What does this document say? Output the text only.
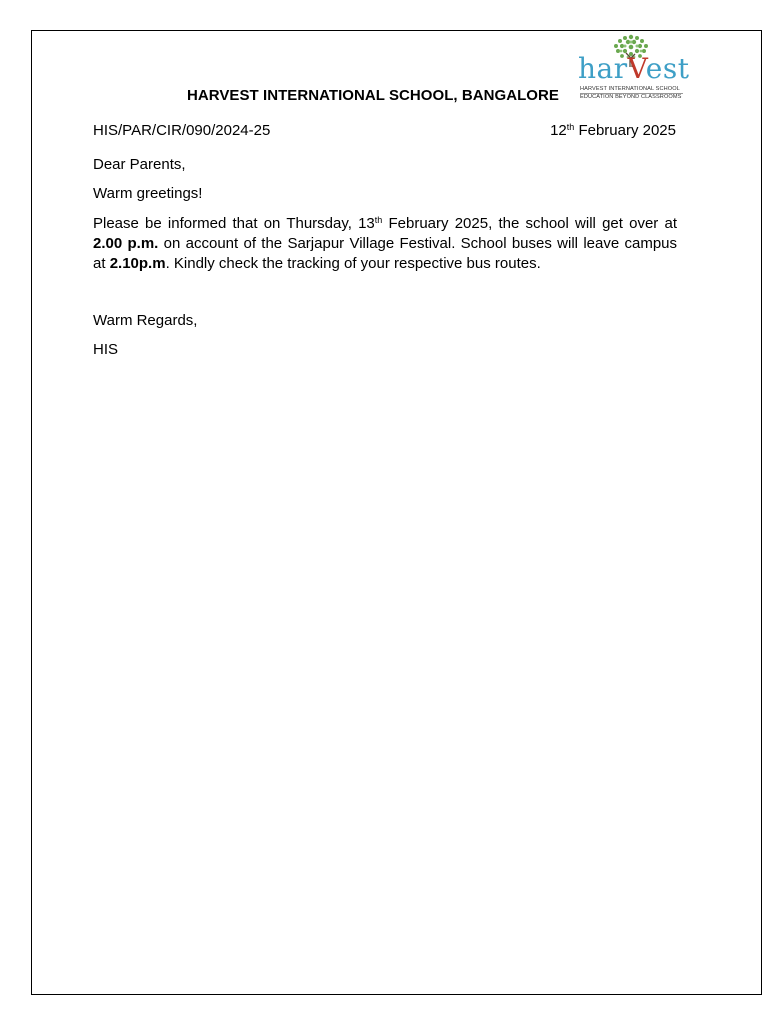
HARVEST INTERNATIONAL SCHOOL, BANGALORE
harVest
HARVEST INTERNATIONAL SCHOOL
EDUCATION BEYOND CLASSROOMS
HIS/PAR/CIR/090/2024-25	12th February 2025
Dear Parents,
Warm greetings!
Please be informed that on Thursday, 13th February 2025, the school will get over at 2.00 p.m. on account of the Sarjapur Village Festival. School buses will leave campus at 2.10p.m. Kindly check the tracking of your respective bus routes.
Warm Regards,
HIS
